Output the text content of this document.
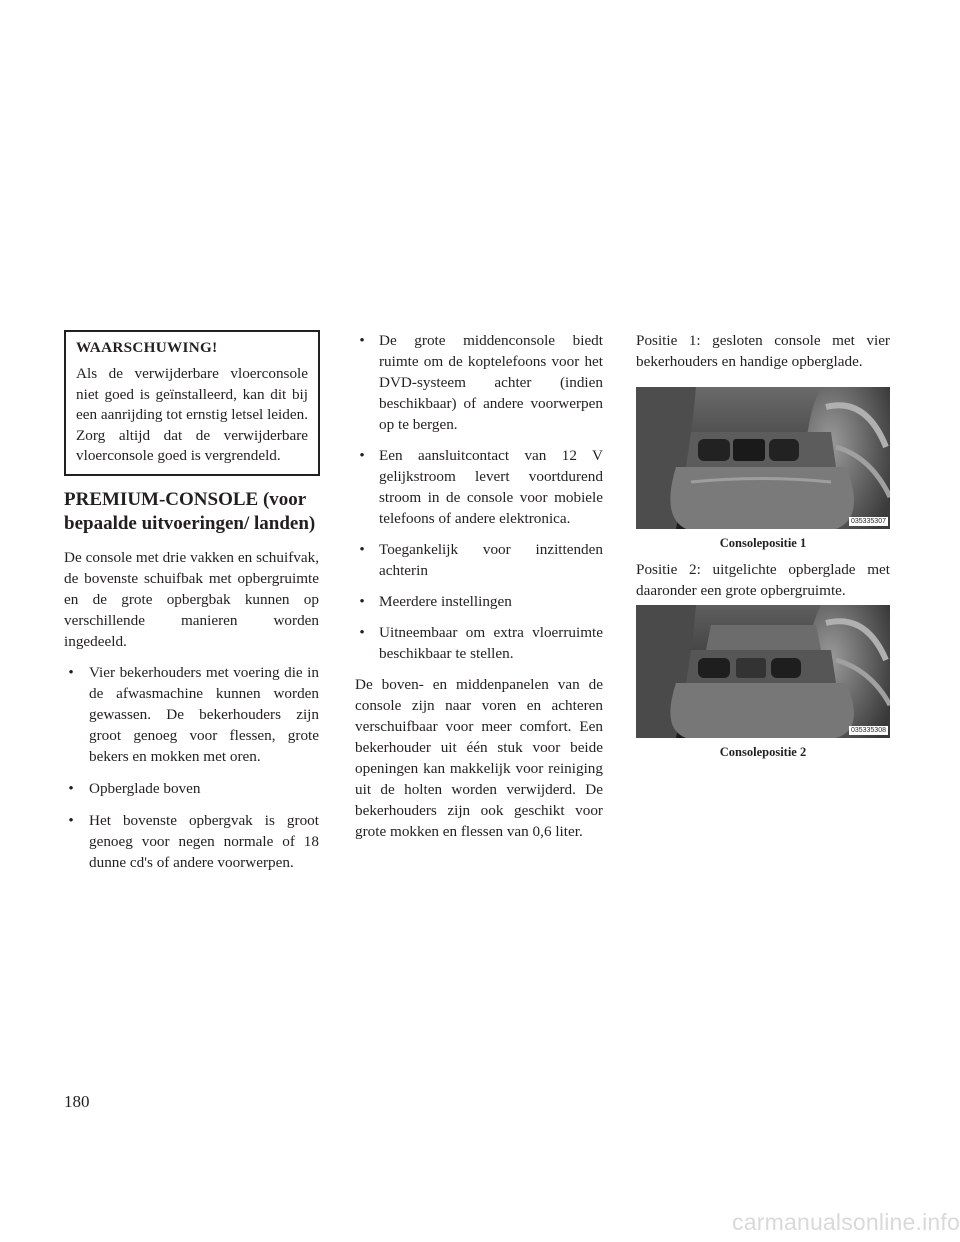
WAARSCHUWING!

Als de verwijderbare vloerconsole niet goed is geïnstalleerd, kan dit bij een aanrijding tot ernstig letsel leiden. Zorg altijd dat de verwijderbare vloerconsole goed is vergrendeld.

PREMIUM-CONSOLE (voor bepaalde uitvoeringen/ landen)

De console met drie vakken en schuifvak, de bovenste schuifbak met opbergruimte en de grote opbergbak kunnen op verschillende manieren worden ingedeeld.

• Vier bekerhouders met voering die in de afwasmachine kunnen worden gewassen. De bekerhouders zijn groot genoeg voor flessen, grote bekers en mokken met oren.
• Opberglade boven
• Het bovenste opbergvak is groot genoeg voor negen normale of 18 dunne cd's of andere voorwerpen.
• De grote middenconsole biedt ruimte om de koptelefoons voor het DVD-systeem achter (indien beschikbaar) of andere voorwerpen op te bergen.
• Een aansluitcontact van 12 V gelijkstroom levert voortdurend stroom in de console voor mobiele telefoons of andere elektronica.
• Toegankelijk voor inzittenden achterin
• Meerdere instellingen
• Uitneembaar om extra vloerruimte beschikbaar te stellen.

De boven- en middenpanelen van de console zijn naar voren en achteren verschuifbaar voor meer comfort. Een bekerhouder uit één stuk voor beide openingen kan makkelijk voor reiniging uit de holten worden verwijderd. De bekerhouders zijn ook geschikt voor grote mokken en flessen van 0,6 liter.

Positie 1: gesloten console met vier bekerhouders en handige opberglade.

035335307
Consolepositie 1

Positie 2: uitgelichte opberglade met daaronder een grote opbergruimte.

035335308
Consolepositie 2
180
carmanualsonline.info
